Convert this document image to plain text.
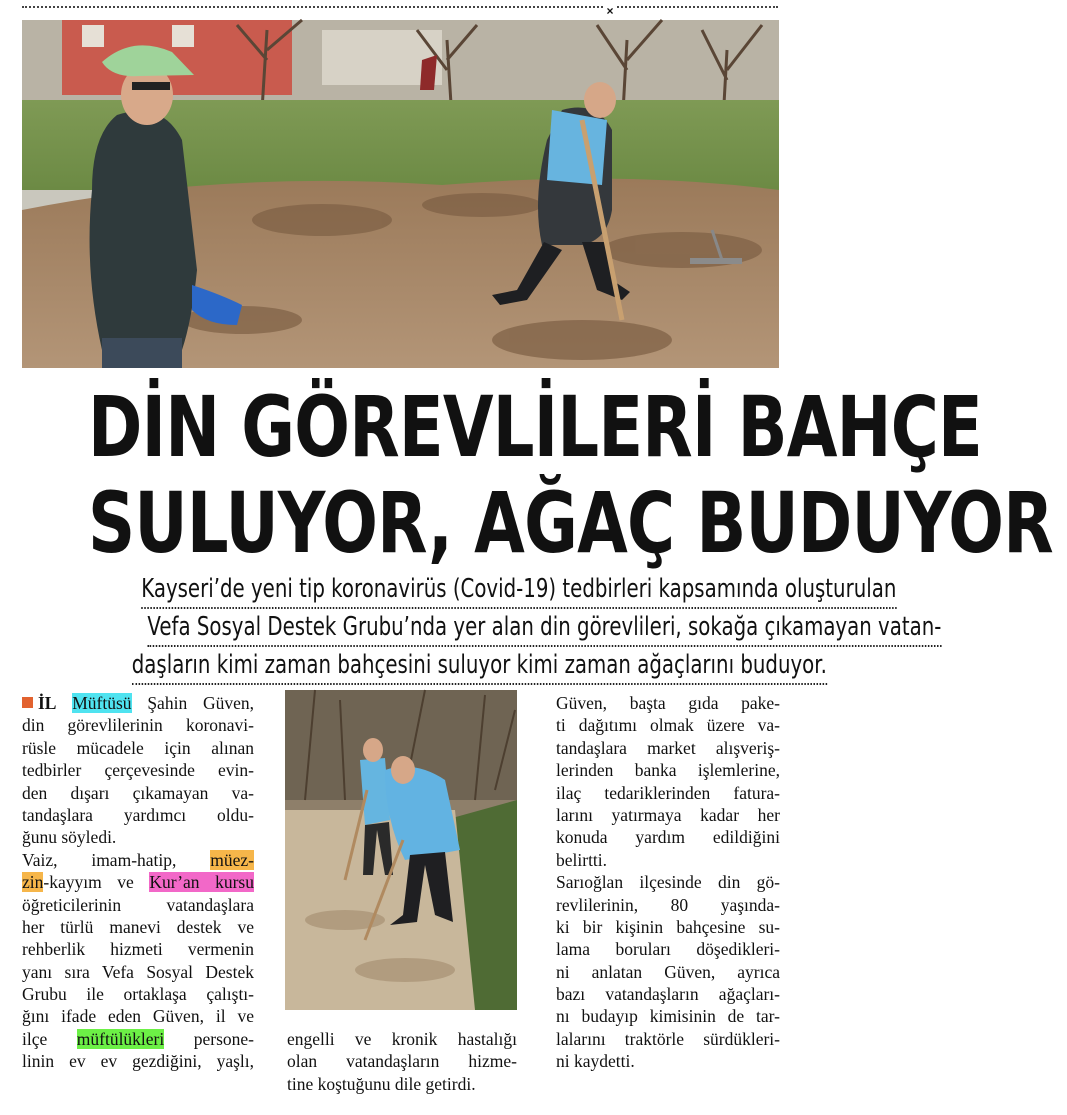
×
DİN GÖREVLİLERİ BAHÇE
SULUYOR, AĞAÇ BUDUYOR
Kayseri’de yeni tip koronavirüs (Covid-19) tedbirleri kapsamında oluşturulan
Vefa Sosyal Destek Grubu’nda yer alan din görevlileri, sokağa çıkamayan vatan-
daşların kimi zaman bahçesini suluyor kimi zaman ağaçlarını buduyor.
İL Müftüsü Şahin Güven,
din görevlilerinin koronavi-
rüsle mücadele için alınan
tedbirler çerçevesinde evin-
den dışarı çıkamayan va-
tandaşlara yardımcı oldu-
ğunu söyledi.
Vaiz, imam-hatip, müez-
zin-kayyım ve Kur’an kursu
öğreticilerinin vatandaşlara
her türlü manevi destek ve
rehberlik hizmeti vermenin
yanı sıra Vefa Sosyal Destek
Grubu ile ortaklaşa çalıştı-
ğını ifade eden Güven, il ve
ilçe müftülükleri persone-
linin ev ev gezdiğini, yaşlı,
engelli ve kronik hastalığı
olan vatandaşların hizme-
tine koştuğunu dile getirdi.
Güven, başta gıda pake-
ti dağıtımı olmak üzere va-
tandaşlara market alışveriş-
lerinden banka işlemlerine,
ilaç tedariklerinden fatura-
larını yatırmaya kadar her
konuda yardım edildiğini
belirtti.
Sarıoğlan ilçesinde din gö-
revlilerinin, 80 yaşında-
ki bir kişinin bahçesine su-
lama boruları döşedikleri-
ni anlatan Güven, ayrıca
bazı vatandaşların ağaçları-
nı budayıp kimisinin de tar-
lalarını traktörle sürdükleri-
ni kaydetti.
